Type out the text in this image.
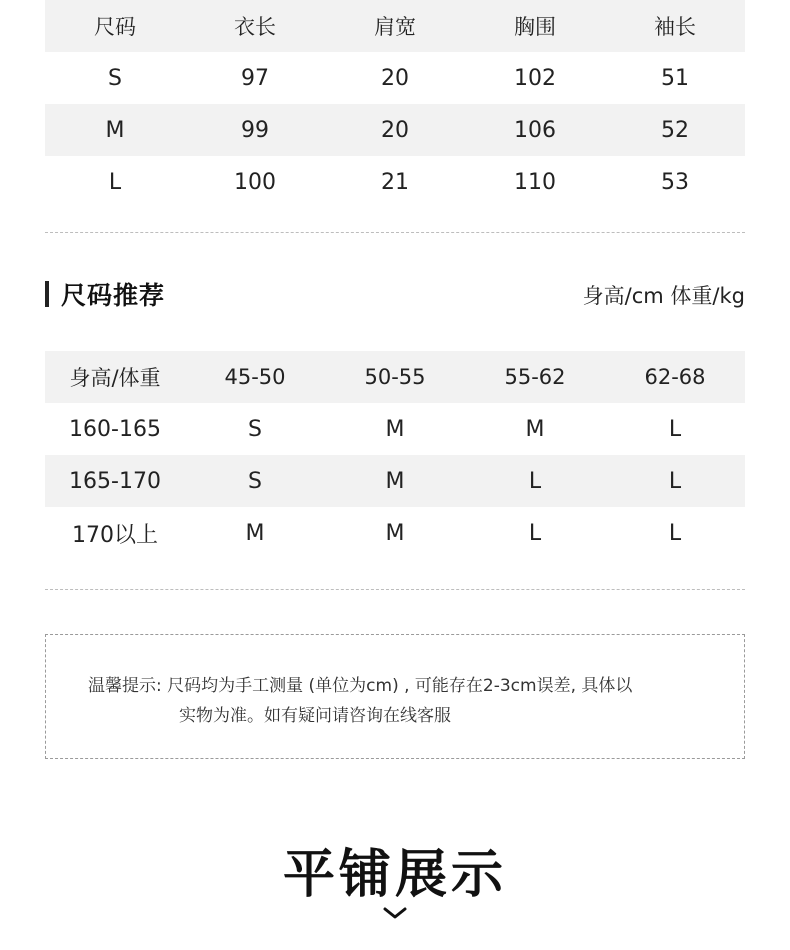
尺码	衣长	肩宽	胸围	袖长
S	97	20	102	51
M	99	20	106	52
L	100	21	110	53
尺码推荐	身高/cm 体重/kg
身高/体重	45-50	50-55	55-62	62-68
160-165	S	M	M	L
165-170	S	M	L	L
170以上	M	M	L	L
温馨提示: 尺码均为手工测量 (单位为cm) , 可能存在2-3cm误差, 具体以
实物为准。如有疑问请咨询在线客服
平铺展示
